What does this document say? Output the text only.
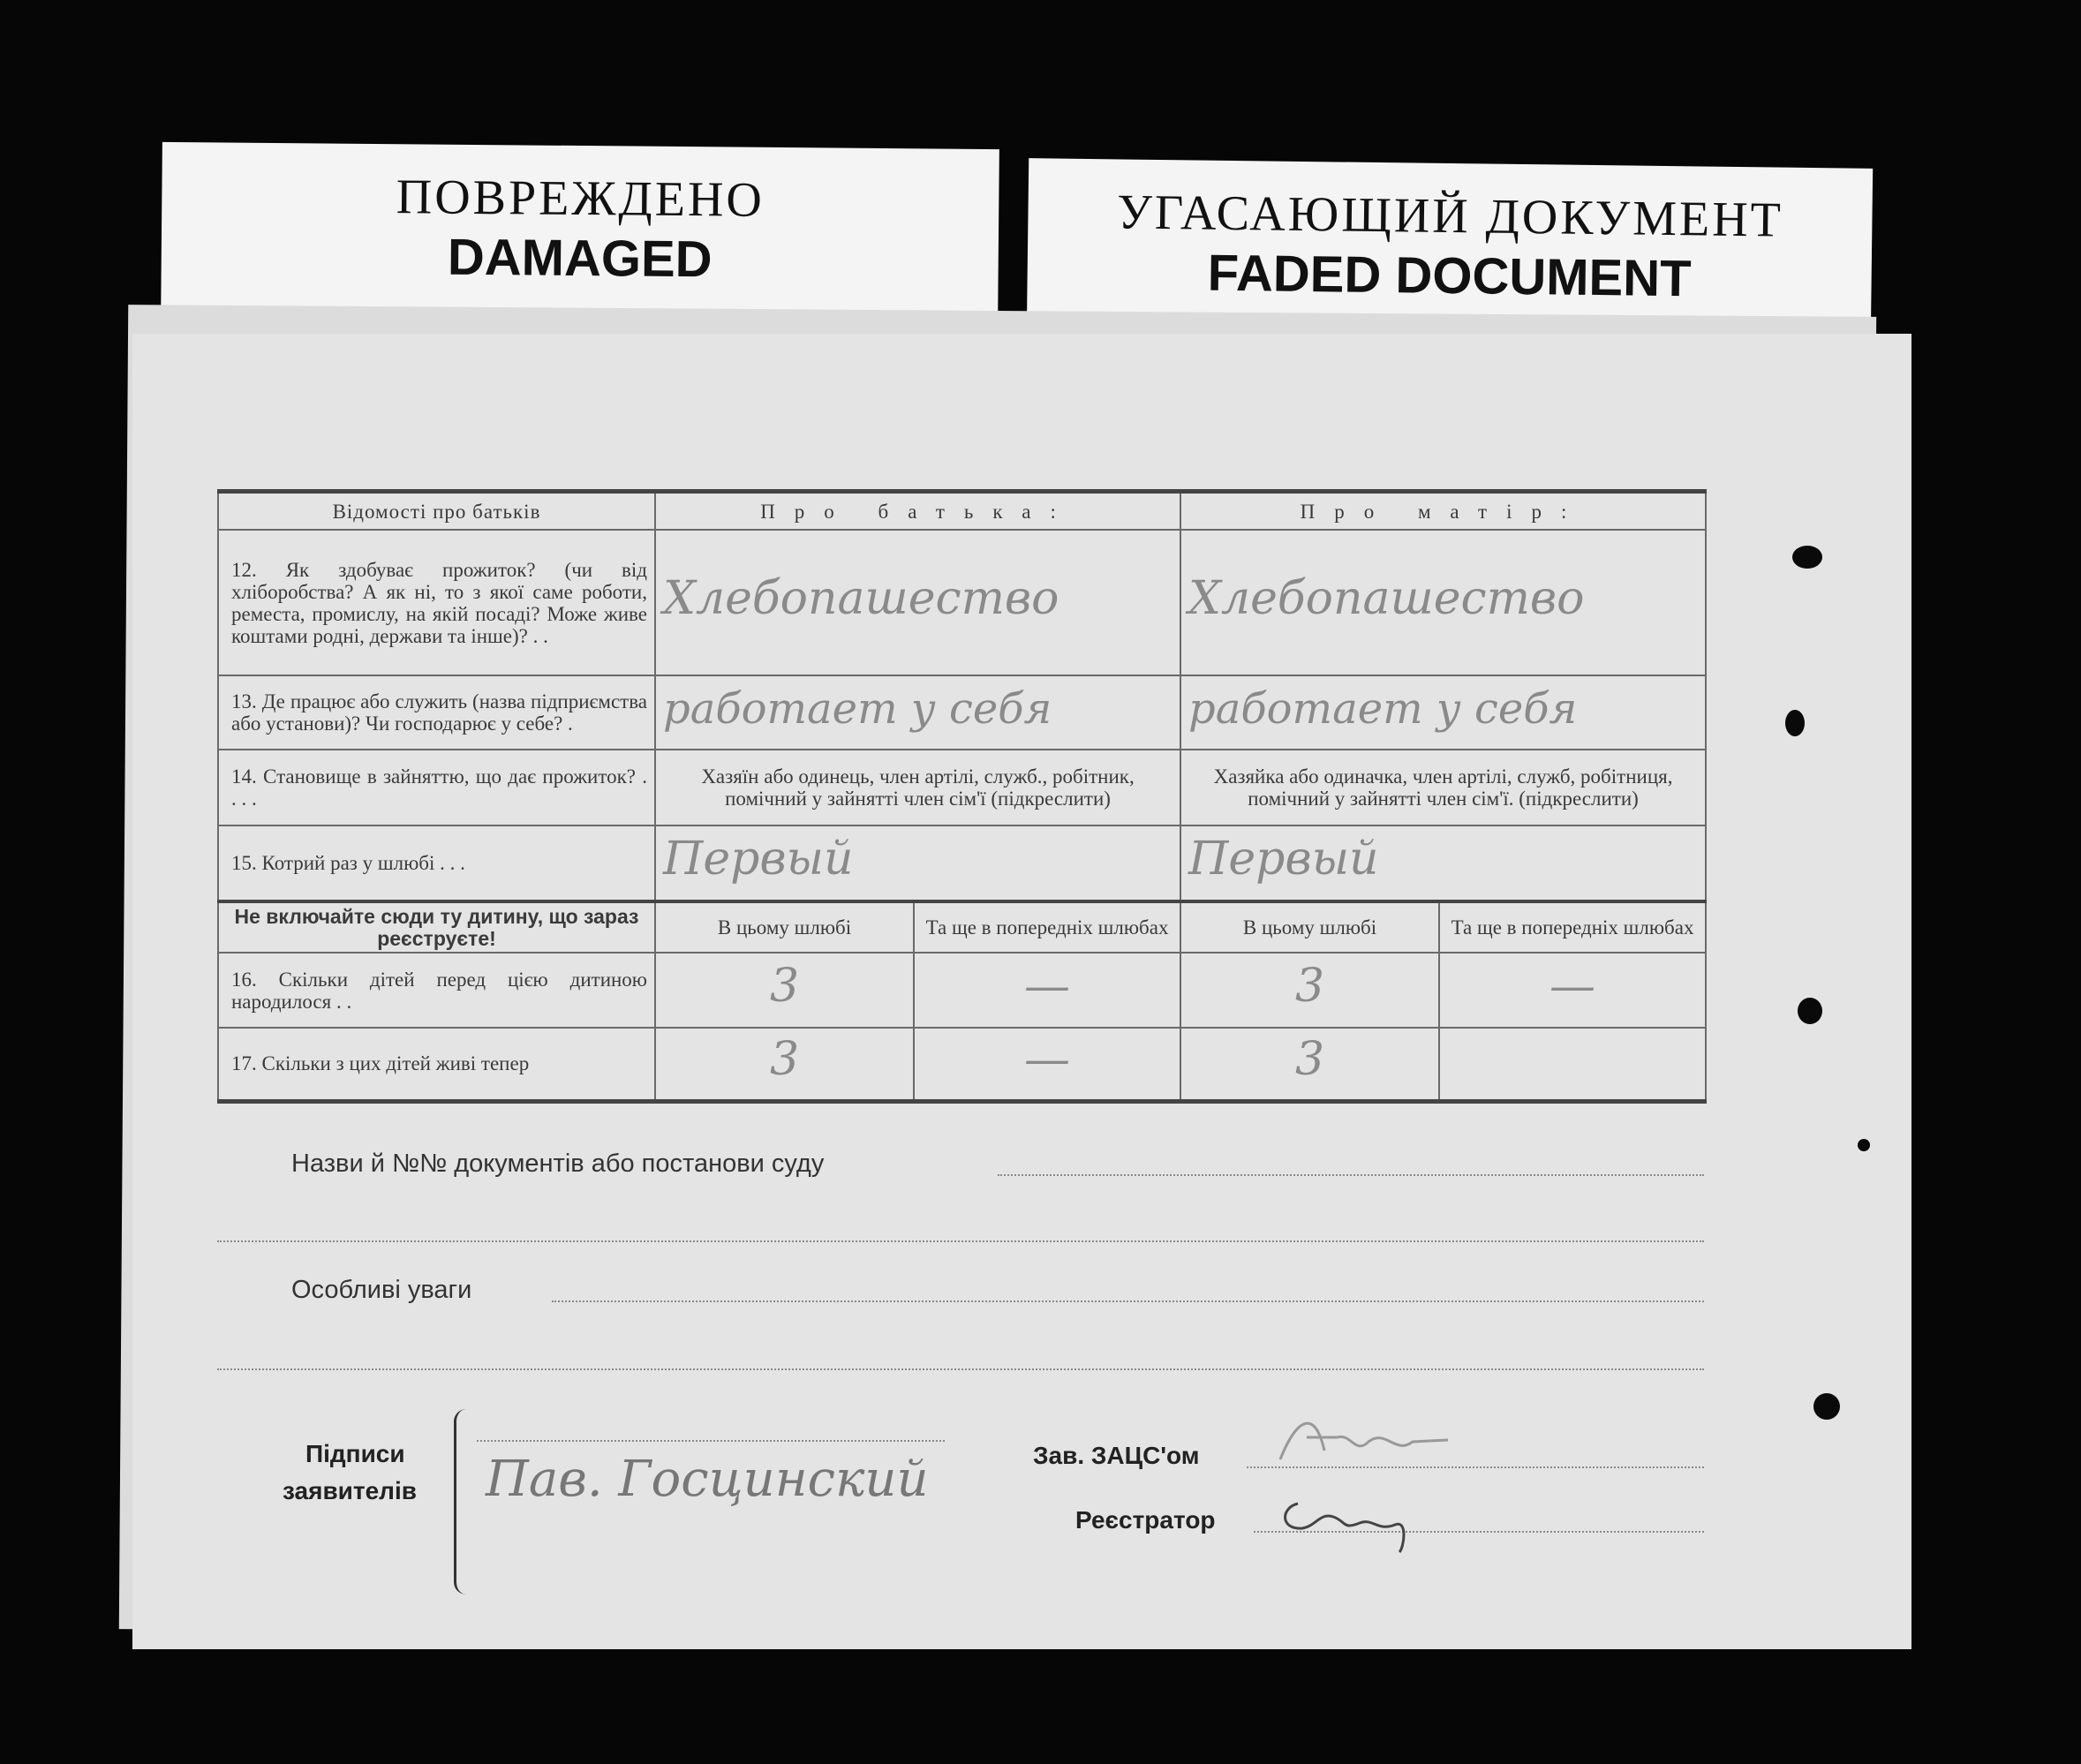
ПОВРЕЖДЕНО
DAMAGED
УГАСАЮЩИЙ ДОКУМЕНТ
FADED DOCUMENT
Відомості про батьків	Про батька:		Про матір:	
12. Як здобуває прожиток? (чи від хліборобства? А як ні, то з якої саме роботи, реместа, промислу, на якій посаді? Може живе коштами родні, держави та інше)? . .	Хлебопашество		Хлебопашество	
13. Де працює або служить (назва підприємства або установи)? Чи господарює у себе? .	работает у себя		работает у себя	
14. Становище в зайняттю, що дає прожиток? . . . .	Хазяїн або одинець, член артілі, служб., робітник, помічний у зайнятті член сім'ї (підкреслити)		Хазяйка або одиначка, член артілі, служб, робітниця, помічний у зайнятті член сім'ї. (підкреслити)	
15. Котрий раз у шлюбі . . .	Первый		Первый	
Не включайте сюди ту дитину, що зараз реєструєте!	В цьому шлюбі	Та ще в попередніх шлюбах	В цьому шлюбі	Та ще в попередніх шлюбах
16. Скільки дітей перед цією дитиною народилося . .	3	—	3	—
17. Скільки з цих дітей живі тепер	3	—	3	
Назви й №№ документів або постанови суду
Особливі уваги
Підписи
заявителів Пав. Госцинский	Зав. ЗАЦС'ом
Реєстратор
